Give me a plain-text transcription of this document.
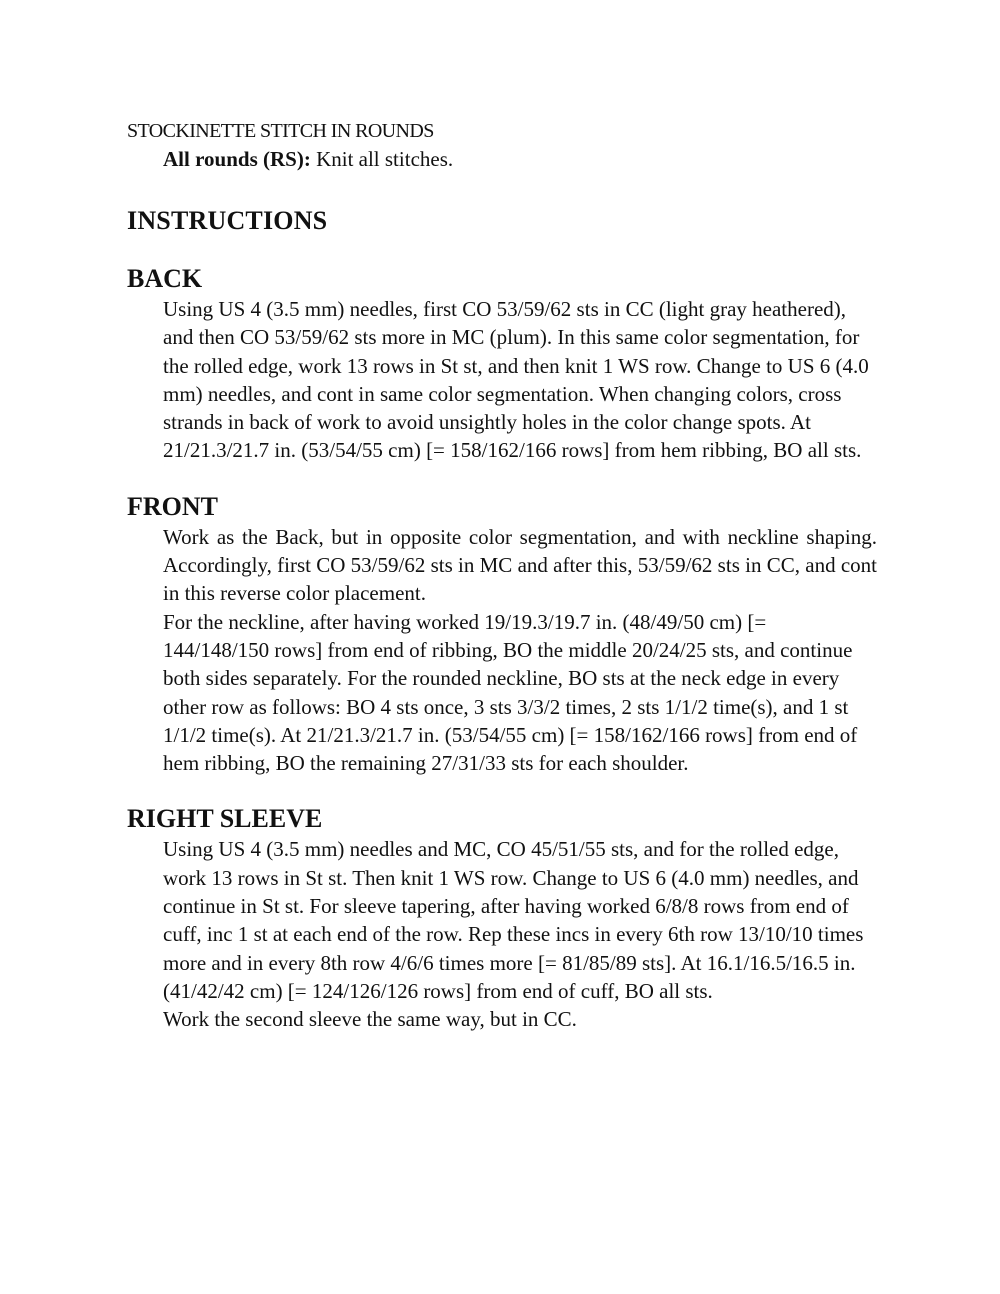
STOCKINETTE STITCH IN ROUNDS

All rounds (RS): Knit all stitches.

INSTRUCTIONS
BACK

Using US 4 (3.5 mm) needles, first CO 53/59/62 sts in CC (light gray heathered), and then CO 53/59/62 sts more in MC (plum). In this same color segmentation, for the rolled edge, work 13 rows in St st, and then knit 1 WS row. Change to US 6 (4.0 mm) needles, and cont in same color segmentation. When changing colors, cross strands in back of work to avoid unsightly holes in the color change spots. At 21/21.3/21.7 in. (53/54/55 cm) [= 158/162/166 rows] from hem ribbing, BO all sts.

FRONT

Work as the Back, but in opposite color segmentation, and with neckline shaping. Accordingly, first CO 53/59/62 sts in MC and after this, 53/59/62 sts in CC, and cont in this reverse color placement.

For the neckline, after having worked 19/19.3/19.7 in. (48/49/50 cm) [= 144/148/150 rows] from end of ribbing, BO the middle 20/24/25 sts, and continue both sides separately. For the rounded neckline, BO sts at the neck edge in every other row as follows: BO 4 sts once, 3 sts 3/3/2 times, 2 sts 1/1/2 time(s), and 1 st 1/1/2 time(s). At 21/21.3/21.7 in. (53/54/55 cm) [= 158/162/166 rows] from end of hem ribbing, BO the remaining 27/31/33 sts for each shoulder.

RIGHT SLEEVE

Using US 4 (3.5 mm) needles and MC, CO 45/51/55 sts, and for the rolled edge, work 13 rows in St st. Then knit 1 WS row. Change to US 6 (4.0 mm) needles, and continue in St st. For sleeve tapering, after having worked 6/8/8 rows from end of cuff, inc 1 st at each end of the row. Rep these incs in every 6th row 13/10/10 times more and in every 8th row 4/6/6 times more [= 81/85/89 sts]. At 16.1/16.5/16.5 in. (41/42/42 cm) [= 124/126/126 rows] from end of cuff, BO all sts.

Work the second sleeve the same way, but in CC.
